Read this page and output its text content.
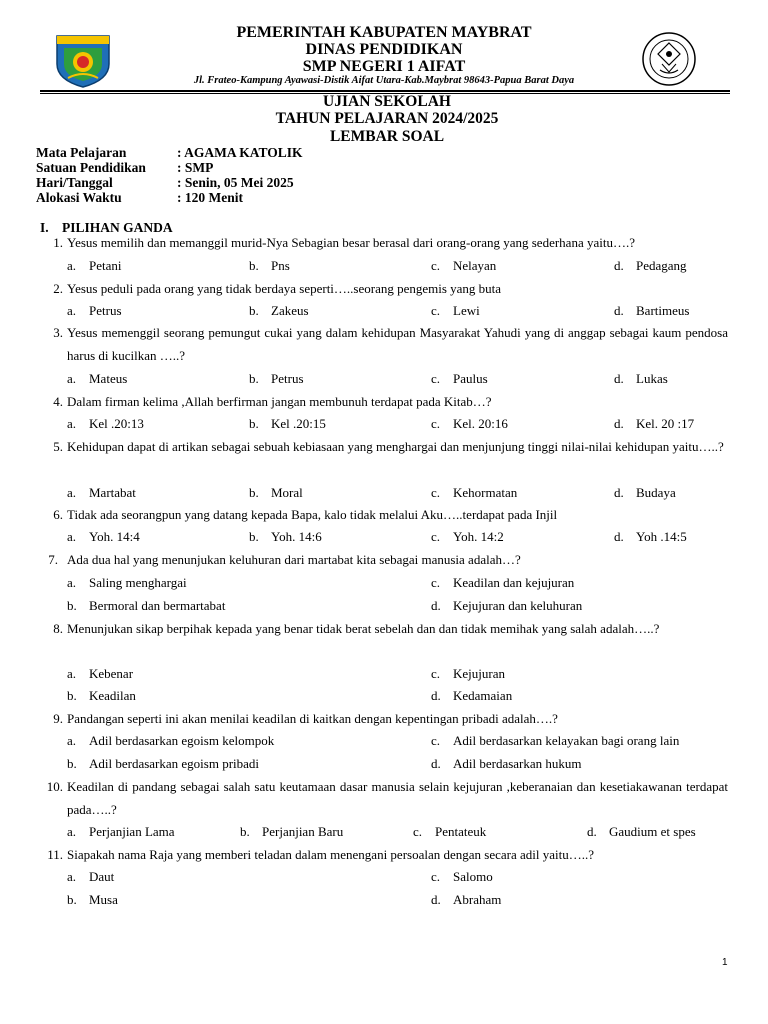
PEMERINTAH KABUPATEN MAYBRAT
DINAS PENDIDIKAN
SMP NEGERI 1 AIFAT
Jl. Frateo-Kampung Ayawasi-Distik Aifat Utara-Kab.Maybrat 98643-Papua Barat Daya
UJIAN SEKOLAH
TAHUN PELAJARAN 2024/2025
LEMBAR SOAL
Mata Pelajaran	: AGAMA KATOLIK
Satuan Pendidikan : SMP
Hari/Tanggal	: Senin, 05 Mei 2025
Alokasi Waktu	: 120 Menit
I. PILIHAN GANDA
1. Yesus memilih dan memanggil murid-Nya Sebagian besar berasal dari orang-orang yang sederhana yaitu….?
a. Petani	b. Pns	c. Nelayan	d. Pedagang
2. Yesus peduli pada orang yang tidak berdaya seperti…..seorang pengemis yang buta
a. Petrus	b. Zakeus	c. Lewi	d. Bartimeus
3. Yesus memenggil seorang pemungut cukai yang dalam kehidupan Masyarakat Yahudi yang di anggap sebagai kaum pendosa harus di kucilkan …..?
a. Mateus	b. Petrus	c. Paulus	d. Lukas
4. Dalam firman kelima ,Allah berfirman jangan membunuh terdapat pada Kitab…?
a. Kel .20:13	b. Kel .20:15	c. Kel. 20:16	d. Kel. 20 :17
5. Kehidupan dapat di artikan sebagai sebuah kebiasaan yang menghargai dan menjunjung tinggi nilai-nilai kehidupan yaitu…..?
a. Martabat	b. Moral	c. Kehormatan	d. Budaya
6. Tidak ada seorangpun yang datang kepada Bapa, kalo tidak melalui Aku…..terdapat pada Injil
a. Yoh. 14:4	b. Yoh. 14:6	c. Yoh. 14:2	d. Yoh .14:5
7. Ada dua hal yang menunjukan keluhuran dari martabat kita sebagai manusia adalah…?
a. Saling menghargai	c. Keadilan dan kejujuran
b. Bermoral dan bermartabat	d. Kejujuran dan keluhuran
8. Menunjukan sikap berpihak kepada yang benar tidak berat sebelah dan dan tidak memihak yang salah adalah…..?
a. Kebenar	c. Kejujuran
b. Keadilan	d. Kedamaian
9. Pandangan seperti ini akan menilai keadilan di kaitkan dengan kepentingan pribadi adalah….?
a. Adil berdasarkan egoism kelompok	c. Adil berdasarkan kelayakan bagi orang lain
b. Adil berdasarkan egoism pribadi	d. Adil berdasarkan hukum
10. Keadilan di pandang sebagai salah satu keutamaan dasar manusia selain kejujuran ,keberanaian dan kesetiakawanan terdapat pada…..?
a. Perjanjian Lama	b. Perjanjian Baru	c. Pentateuk	d. Gaudium et spes
11. Siapakah nama Raja yang memberi teladan dalam menengani persoalan dengan secara adil yaitu…..?
a. Daut	c. Salomo
b. Musa	d. Abraham
1
